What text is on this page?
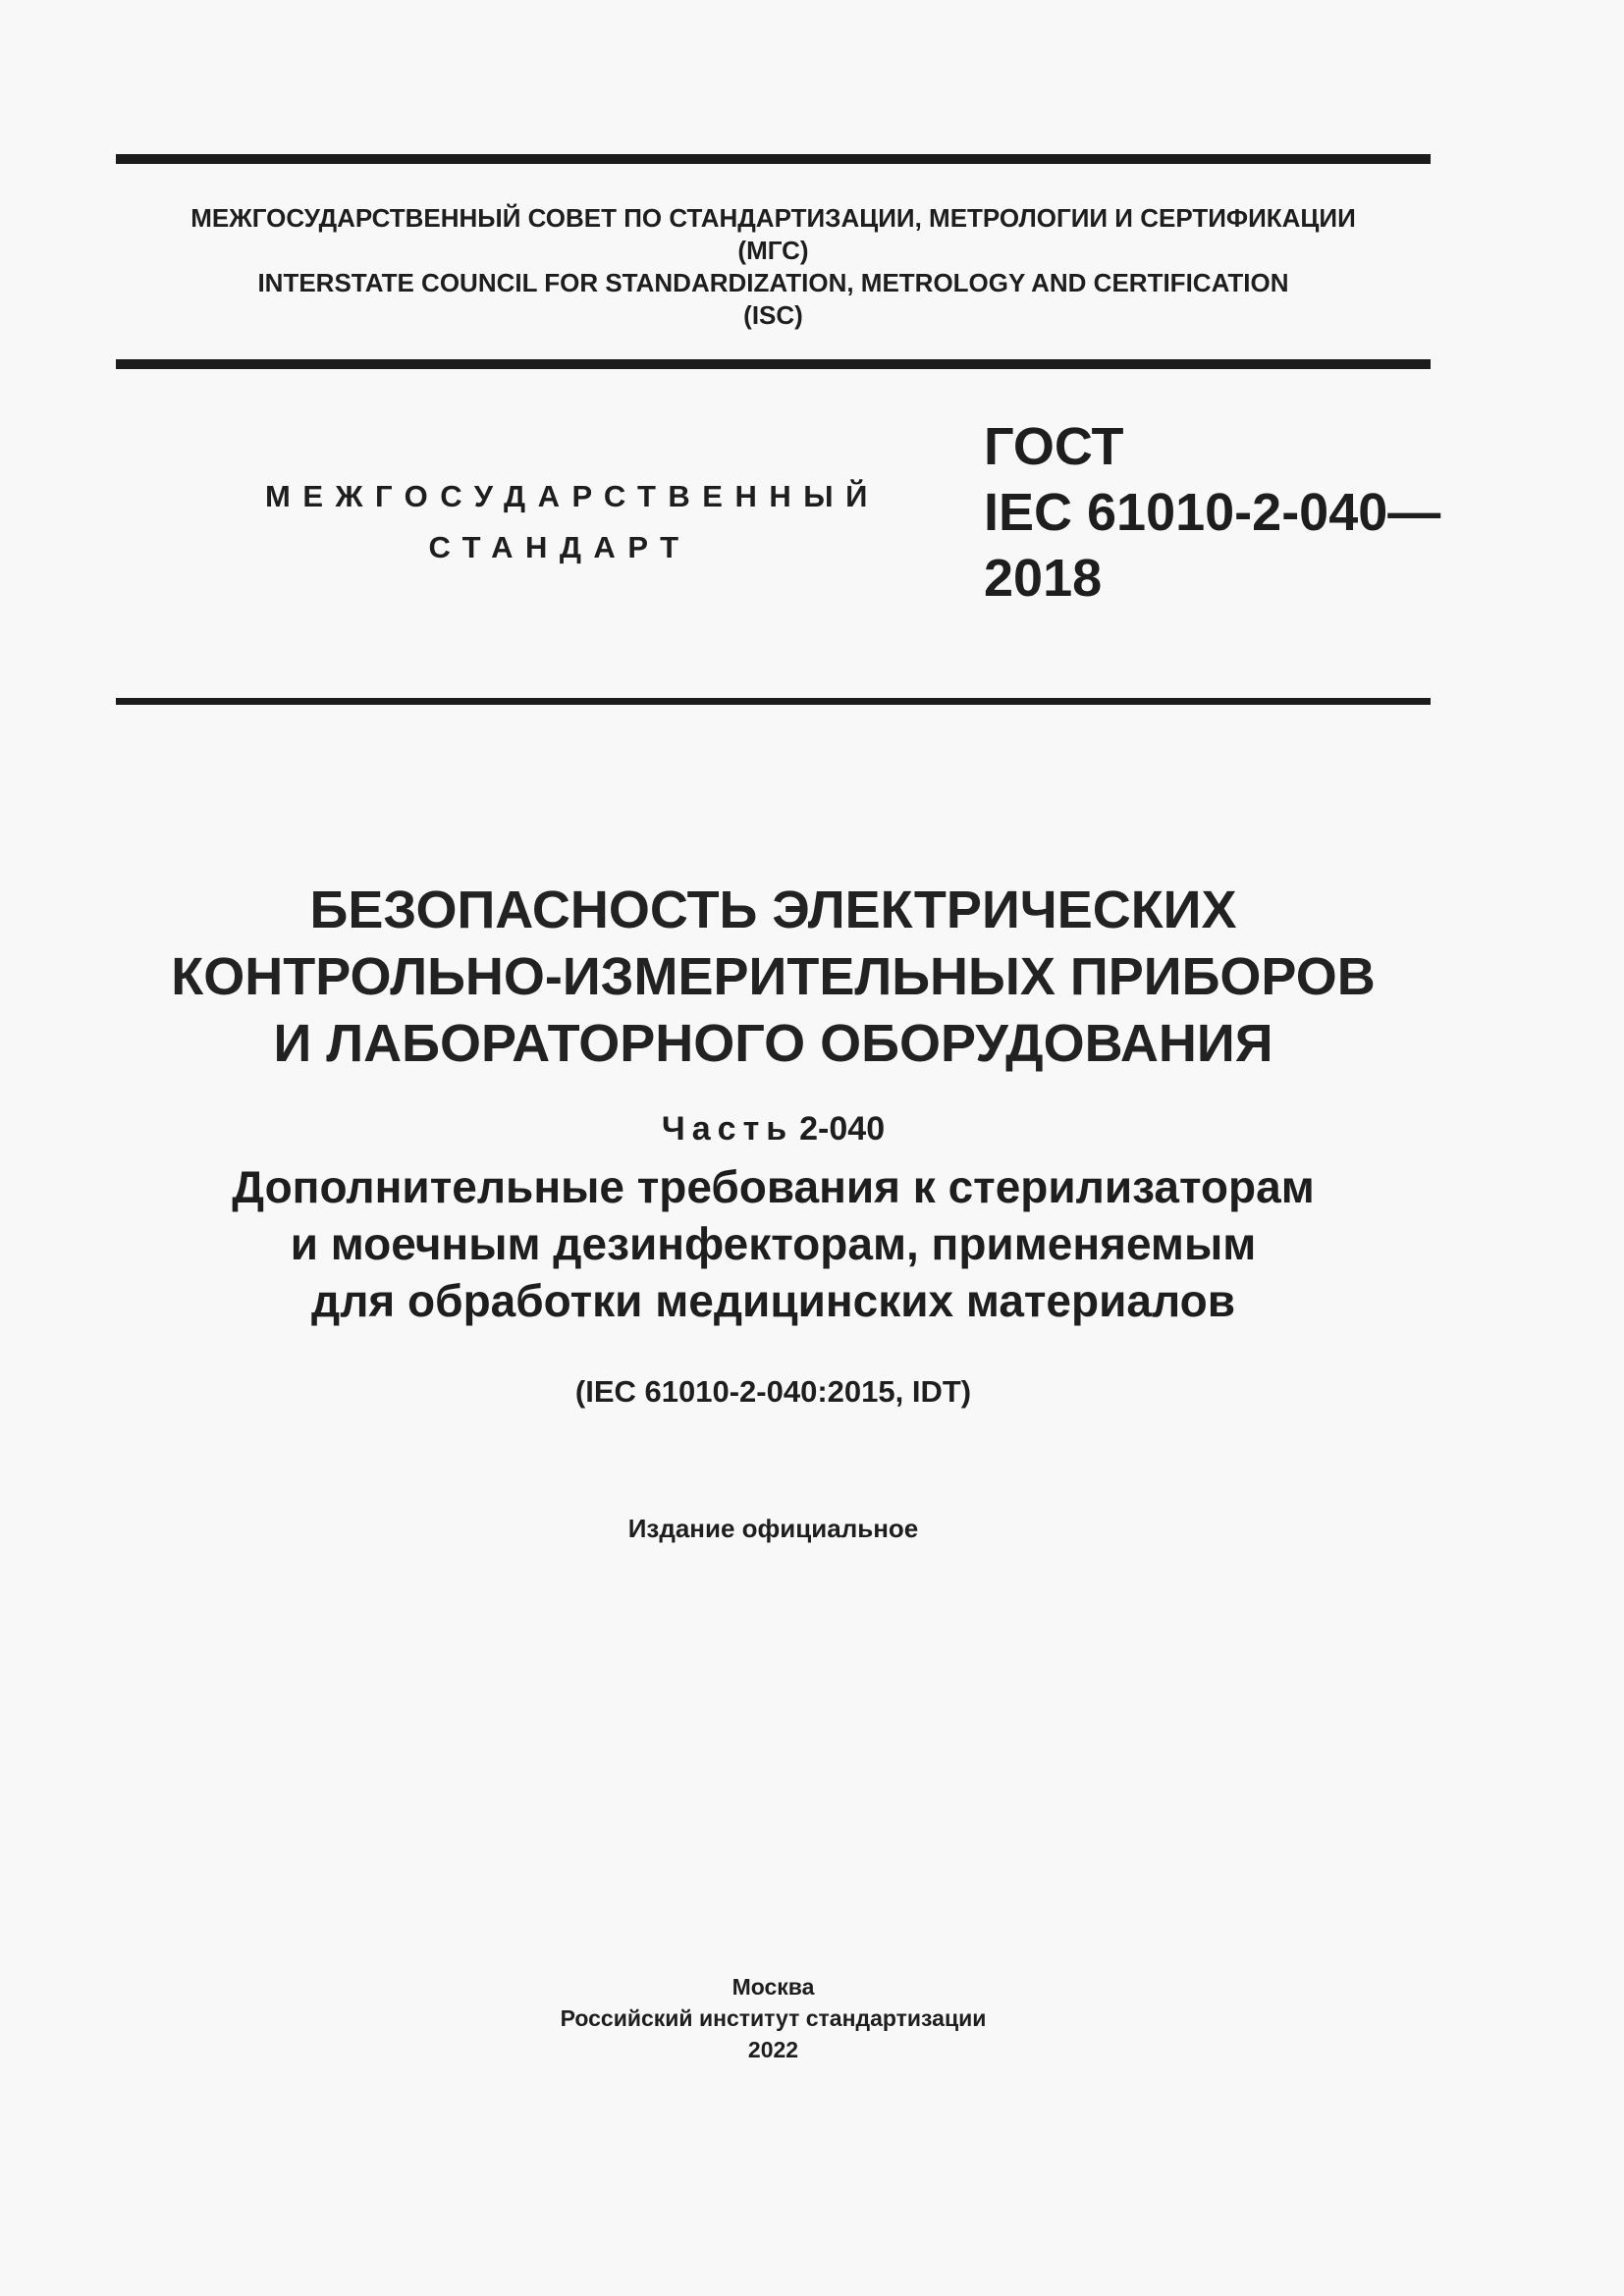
МЕЖГОСУДАРСТВЕННЫЙ СОВЕТ ПО СТАНДАРТИЗАЦИИ, МЕТРОЛОГИИ И СЕРТИФИКАЦИИ
(МГС)
INTERSTATE COUNCIL FOR STANDARDIZATION, METROLOGY AND CERTIFICATION
(ISC)
МЕЖГОСУДАРСТВЕННЫЙ
СТАНДАРТ
ГОСТ
IEC 61010-2-040—
2018
БЕЗОПАСНОСТЬ ЭЛЕКТРИЧЕСКИХ
КОНТРОЛЬНО-ИЗМЕРИТЕЛЬНЫХ ПРИБОРОВ
И ЛАБОРАТОРНОГО ОБОРУДОВАНИЯ
Часть 2-040
Дополнительные требования к стерилизаторам
и моечным дезинфекторам, применяемым
для обработки медицинских материалов
(IEC 61010-2-040:2015, IDT)
Издание официальное
Москва
Российский институт стандартизации
2022
